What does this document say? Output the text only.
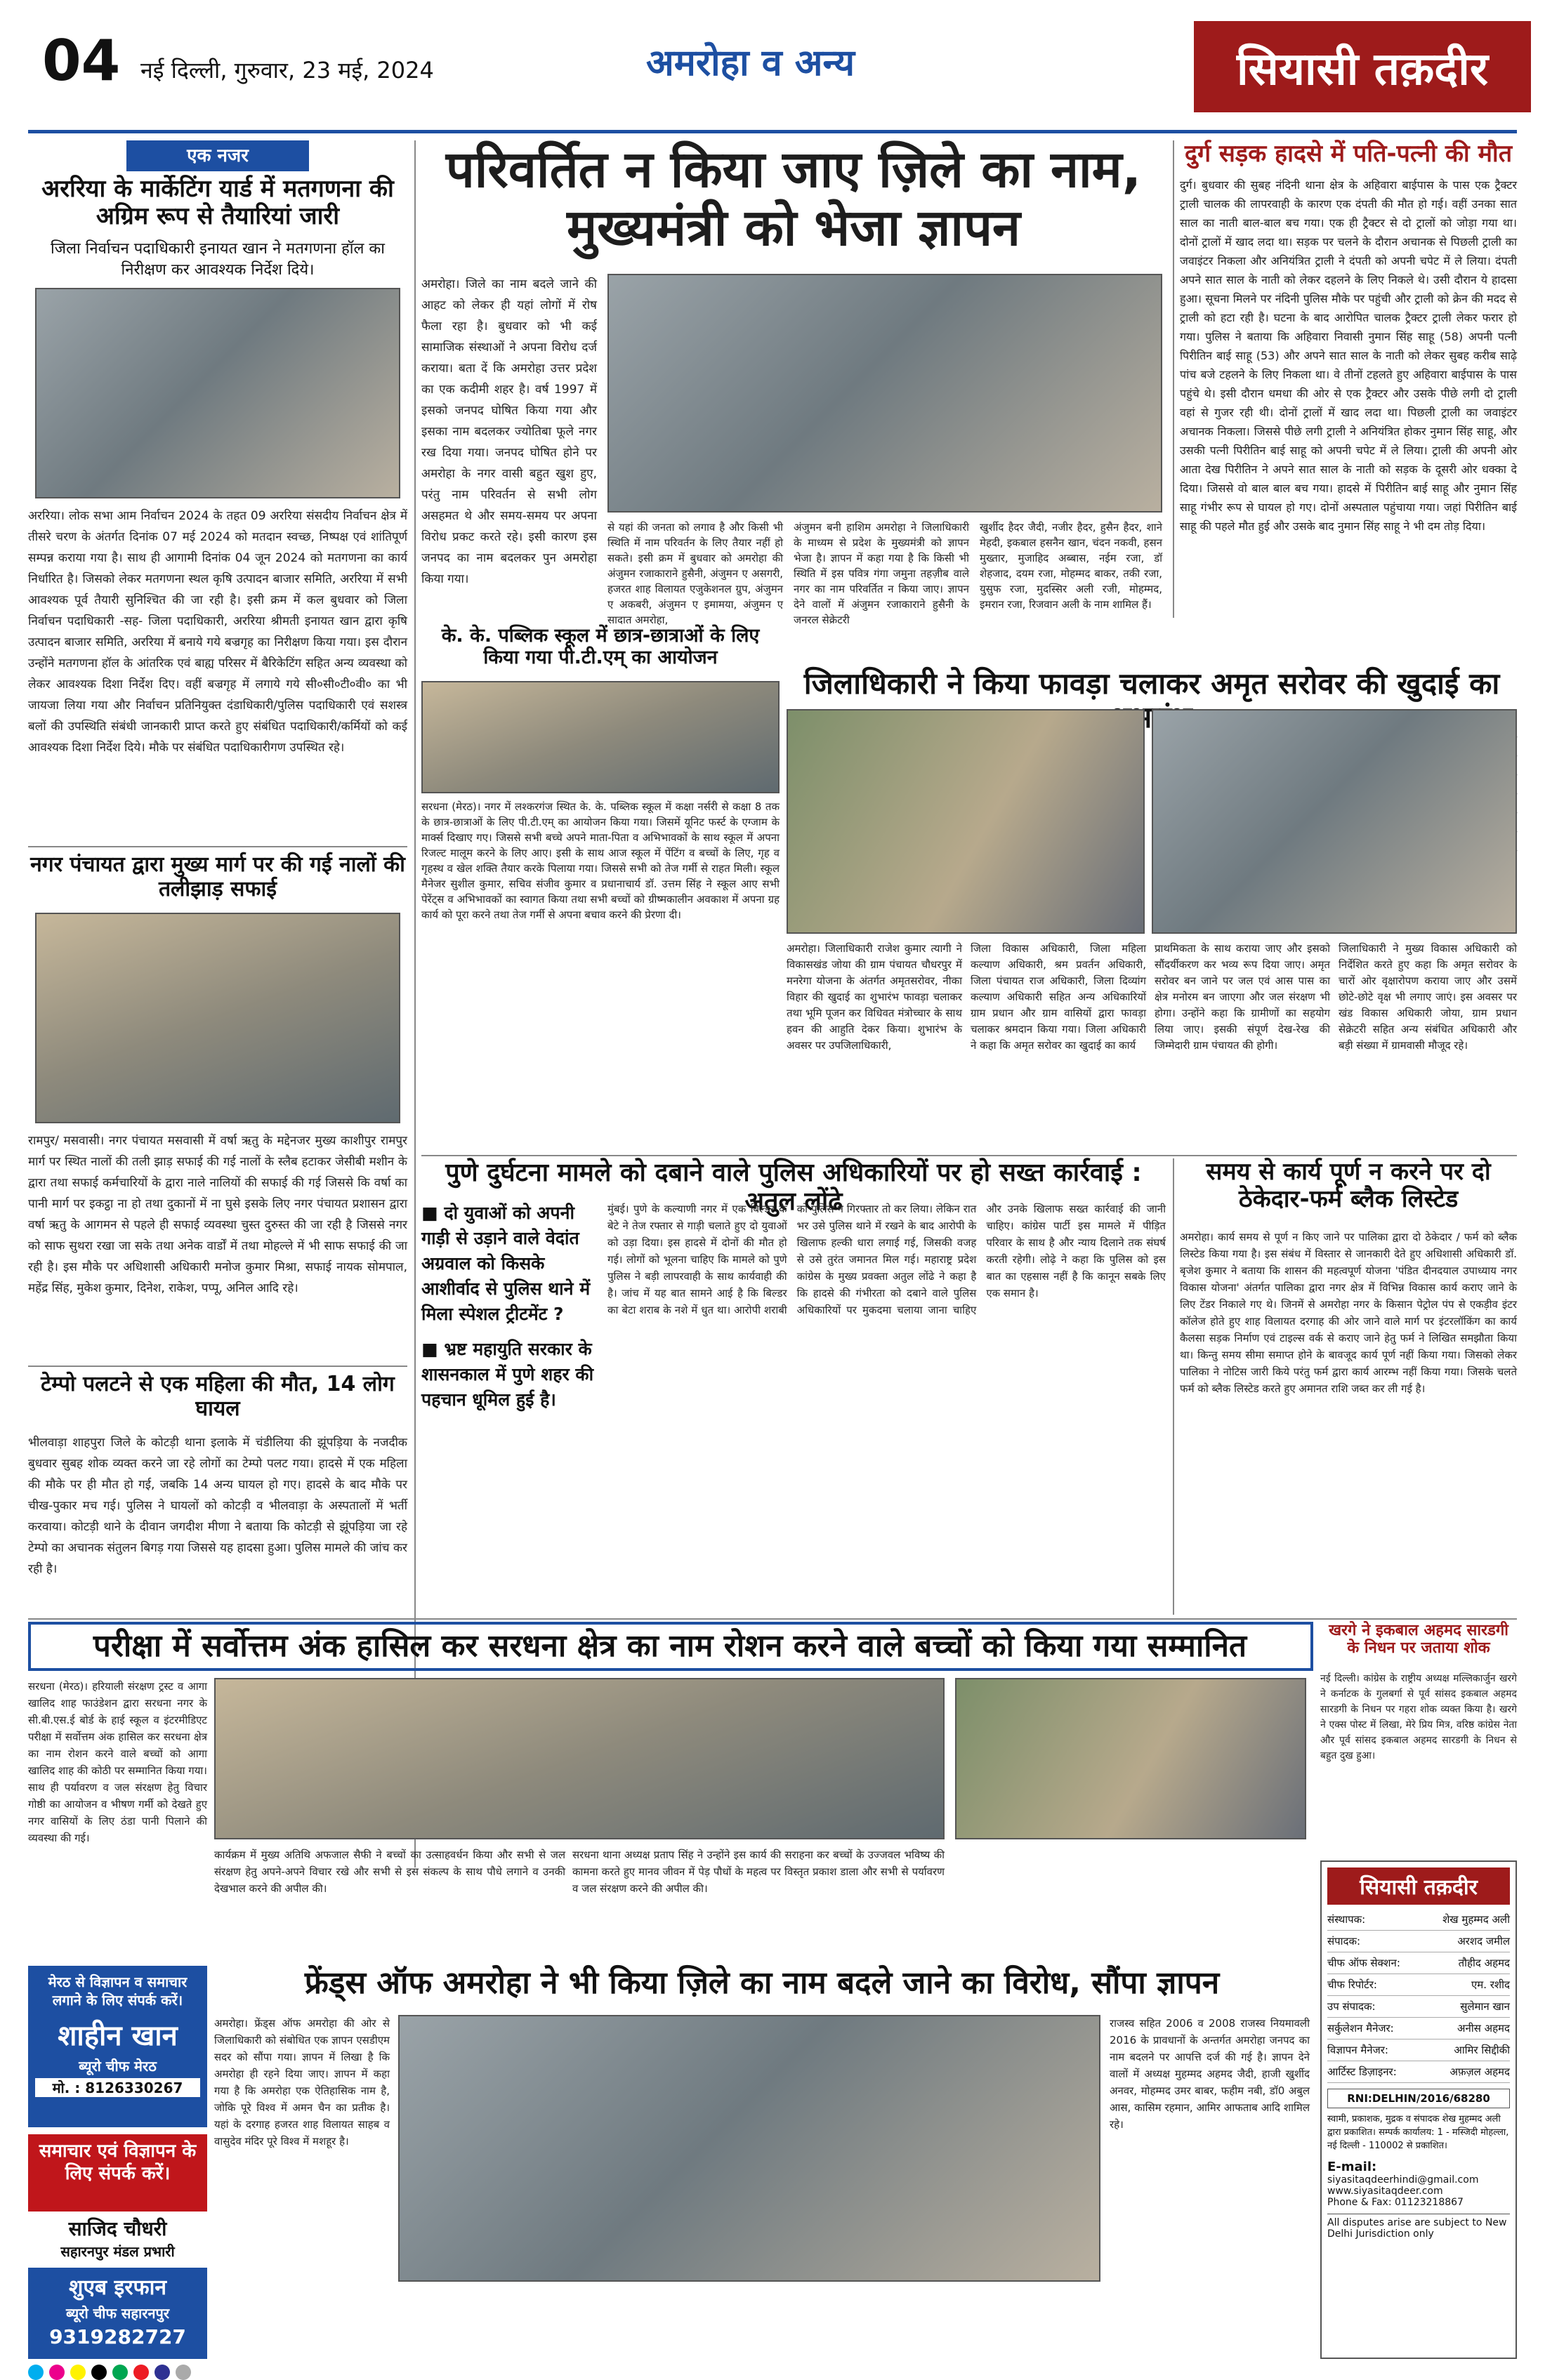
04 नई दिल्ली, गुरुवार, 23 मई, 2024	अमरोहा व अन्य	सियासी तक़दीर
एक नजर
अररिया के मार्केटिंग यार्ड में मतगणना की अग्रिम रूप से तैयारियां जारी
जिला निर्वाचन पदाधिकारी इनायत खान ने मतगणना हॉल का निरीक्षण कर आवश्यक निर्देश दिये।
अररिया। लोक सभा आम निर्वाचन 2024 के तहत 09 अररिया संसदीय निर्वाचन क्षेत्र में तीसरे चरण के अंतर्गत दिनांक 07 मई 2024 को मतदान स्वच्छ, निष्पक्ष एवं शांतिपूर्ण सम्पन्न कराया गया है। साथ ही आगामी दिनांक 04 जून 2024 को मतगणना का कार्य निर्धारित है। जिसको लेकर मतगणना स्थल कृषि उत्पादन बाजार समिति, अररिया में सभी आवश्यक पूर्व तैयारी सुनिश्चित की जा रही है। इसी क्रम में कल बुधवार को जिला निर्वाचन पदाधिकारी -सह- जिला पदाधिकारी, अररिया श्रीमती इनायत खान द्वारा कृषि उत्पादन बाजार समिति, अररिया में बनाये गये बज्रगृह का निरीक्षण किया गया। इस दौरान उन्होंने मतगणना हॉल के आंतरिक एवं बाह्य परिसर में बैरिकेटिंग सहित अन्य व्यवस्था को लेकर आवश्यक दिशा निर्देश दिए। वहीं बज्रगृह में लगाये गये सी०सी०टी०वी० का भी जायजा लिया गया और निर्वाचन प्रतिनियुक्त दंडाधिकारी/पुलिस पदाधिकारी एवं सशस्त्र बलों की उपस्थिति संबंधी जानकारी प्राप्त करते हुए संबंधित पदाधिकारी/कर्मियों को कई आवश्यक दिशा निर्देश दिये। मौके पर संबंधित पदाधिकारीगण उपस्थित रहे।
नगर पंचायत द्वारा मुख्य मार्ग पर की गई नालों की तलीझाड़ सफाई
रामपुर/ मसवासी। नगर पंचायत मसवासी में वर्षा ऋतु के मद्देनजर मुख्य काशीपुर रामपुर मार्ग पर स्थित नालों की तली झाड़ सफाई की गई नालों के स्लैब हटाकर जेसीबी मशीन के द्वारा तथा सफाई कर्मचारियों के द्वारा नाले नालियों की सफाई की गई जिससे कि वर्षा का पानी मार्ग पर इकट्ठा ना हो तथा दुकानों में ना घुसे इसके लिए नगर पंचायत प्रशासन द्वारा वर्षा ऋतु के आगमन से पहले ही सफाई व्यवस्था चुस्त दुरुस्त की जा रही है जिससे नगर को साफ सुथरा रखा जा सके तथा अनेक वार्डों में तथा मोहल्ले में भी साफ सफाई की जा रही है। इस मौके पर अधिशासी अधिकारी मनोज कुमार मिश्रा, सफाई नायक सोमपाल, महेंद्र सिंह, मुकेश कुमार, दिनेश, राकेश, पप्पू, अनिल आदि रहे।
टेम्पो पलटने से एक महिला की मौत, 14 लोग घायल
भीलवाड़ा शाहपुरा जिले के कोटड़ी थाना इलाके में चंडीलिया की झूंपड़िया के नजदीक बुधवार सुबह शोक व्यक्त करने जा रहे लोगों का टेम्पो पलट गया। हादसे में एक महिला की मौके पर ही मौत हो गई, जबकि 14 अन्य घायल हो गए। हादसे के बाद मौके पर चीख-पुकार मच गई। पुलिस ने घायलों को कोटड़ी व भीलवाड़ा के अस्पतालों में भर्ती करवाया। कोटड़ी थाने के दीवान जगदीश मीणा ने बताया कि कोटड़ी से झूंपड़िया जा रहे टेम्पो का अचानक संतुलन बिगड़ गया जिससे यह हादसा हुआ। पुलिस मामले की जांच कर रही है।
परिवर्तित न किया जाए ज़िले का नाम, मुख्यमंत्री को भेजा ज्ञापन
अमरोहा। जिले का नाम बदले जाने की आहट को लेकर ही यहां लोगों में रोष फैला रहा है। बुधवार को भी कई सामाजिक संस्थाओं ने अपना विरोध दर्ज कराया। बता दें कि अमरोहा उत्तर प्रदेश का एक कदीमी शहर है। वर्ष 1997 में इसको जनपद घोषित किया गया और इसका नाम बदलकर ज्योतिबा फूले नगर रख दिया गया। जनपद घोषित होने पर अमरोहा के नगर वासी बहुत खुश हुए, परंतु नाम परिवर्तन से सभी लोग असहमत थे और समय-समय पर अपना विरोध प्रकट करते रहे। इसी कारण इस जनपद का नाम बदलकर पुन अमरोहा किया गया।
से यहां की जनता को लगाव है और किसी भी स्थिति में नाम परिवर्तन के लिए तैयार नहीं हो सकते। इसी क्रम में बुधवार को अमरोहा की अंजुमन रजाकाराने हुसैनी, अंजुमन ए असगरी, हजरत शाह विलायत एजुकेशनल ग्रुप, अंजुमन ए अकबरी, अंजुमन ए इमामया, अंजुमन ए सादात अमरोहा,
अंजुमन बनी हाशिम अमरोहा ने जिलाधिकारी के माध्यम से प्रदेश के मुख्यमंत्री को ज्ञापन भेजा है। ज्ञापन में कहा गया है कि किसी भी स्थिति में इस पवित्र गंगा जमुना तहज़ीब वाले नगर का नाम परिवर्तित न किया जाए। ज्ञापन देने वालों में अंजुमन रजाकाराने हुसैनी के जनरल सेक्रेटरी
खुर्शीद हैदर जैदी, नजीर हैदर, हुसैन हैदर, शाने मेहदी, इकबाल हसनैन खान, चंदन नकवी, हसन मुख्तार, मुजाहिद अब्बास, नईम रजा, डॉ शेहजाद, दयम रजा, मोहम्मद बाकर, तकी रजा, युसुफ रजा, मुदस्सिर अली रजी, मोहम्मद, इमरान रजा, रिजवान अली के नाम शामिल हैं।
दुर्ग सड़क हादसे में पति-पत्नी की मौत
दुर्ग। बुधवार की सुबह नंदिनी थाना क्षेत्र के अहिवारा बाईपास के पास एक ट्रैक्टर ट्राली चालक की लापरवाही के कारण एक दंपती की मौत हो गई। वहीं उनका सात साल का नाती बाल-बाल बच गया। एक ही ट्रैक्टर से दो ट्रालों को जोड़ा गया था। दोनों ट्रालों में खाद लदा था। सड़क पर चलने के दौरान अचानक से पिछली ट्राली का जवाइंटर निकला और अनियंत्रित ट्राली ने दंपती को अपनी चपेट में ले लिया। दंपती अपने सात साल के नाती को लेकर दहलने के लिए निकले थे। उसी दौरान ये हादसा हुआ। सूचना मिलने पर नंदिनी पुलिस मौके पर पहुंची और ट्राली को क्रेन की मदद से ट्राली को हटा रही है। घटना के बाद आरोपित चालक ट्रैक्टर ट्राली लेकर फरार हो गया। पुलिस ने बताया कि अहिवारा निवासी नुमान सिंह साहू (58) अपनी पत्नी पिरीतिन बाई साहू (53) और अपने सात साल के नाती को लेकर सुबह करीब साढ़े पांच बजे टहलने के लिए निकला था। वे तीनों टहलते हुए अहिवारा बाईपास के पास पहुंचे थे। इसी दौरान धमधा की ओर से एक ट्रैक्टर और उसके पीछे लगी दो ट्राली वहां से गुजर रही थी। दोनों ट्रालों में खाद लदा था। पिछली ट्राली का जवाइंटर अचानक निकला। जिससे पीछे लगी ट्राली ने अनियंत्रित होकर नुमान सिंह साहू, और उसकी पत्नी पिरीतिन बाई साहू को अपनी चपेट में ले लिया। ट्राली की अपनी ओर आता देख पिरीतिन ने अपने सात साल के नाती को सड़क के दूसरी ओर धक्का दे दिया। जिससे वो बाल बाल बच गया। हादसे में पिरीतिन बाई साहू और नुमान सिंह साहू गंभीर रूप से घायल हो गए। दोनों अस्पताल पहुंचाया गया। जहां पिरीतिन बाई साहू की पहले मौत हुई और उसके बाद नुमान सिंह साहू ने भी दम तोड़ दिया।
के. के. पब्लिक स्कूल में छात्र-छात्राओं के लिए किया गया पी.टी.एम् का आयोजन
सरधना (मेरठ)। नगर में लश्करगंज स्थित के. के. पब्लिक स्कूल में कक्षा नर्सरी से कक्षा 8 तक के छात्र-छात्राओं के लिए पी.टी.एम् का आयोजन किया गया। जिसमें यूनिट फर्स्ट के एग्जाम के मार्क्स दिखाए गए। जिससे सभी बच्चे अपने माता-पिता व अभिभावकों के साथ स्कूल में अपना रिजल्ट मालूम करने के लिए आए। इसी के साथ आज स्कूल में पेंटिंग व बच्चों के लिए, गृह व गृहस्थ व खेल शक्ति तैयार करके पिलाया गया। जिससे सभी को तेज गर्मी से राहत मिली। स्कूल मैनेजर सुशील कुमार, सचिव संजीव कुमार व प्रधानाचार्य डॉ. उत्तम सिंह ने स्कूल आए सभी पेरेंट्स व अभिभावकों का स्वागत किया तथा सभी बच्चों को ग्रीष्मकालीन अवकाश में अपना ग्रह कार्य को पूरा करने तथा तेज गर्मी से अपना बचाव करने की प्रेरणा दी।
अमरोहा। जिलाधिकारी राजेश कुमार त्यागी ने विकासखंड जोया की ग्राम पंचायत चौधरपुर में मनरेगा योजना के अंतर्गत अमृतसरोवर, नीका विहार की खुदाई का शुभारंभ फावड़ा चलाकर तथा भूमि पूजन कर विधिवत मंत्रोच्चार के साथ हवन की आहुति देकर किया। शुभारंभ के अवसर पर उपजिलाधिकारी,
जिला विकास अधिकारी, जिला महिला कल्याण अधिकारी, श्रम प्रवर्तन अधिकारी, जिला पंचायत राज अधिकारी, जिला दिव्यांग कल्याण अधिकारी सहित अन्य अधिकारियों ग्राम प्रधान और ग्राम वासियों द्वारा फावड़ा चलाकर श्रमदान किया गया। जिला अधिकारी ने कहा कि अमृत सरोवर का खुदाई का कार्य
प्राथमिकता के साथ कराया जाए और इसको सौंदर्यीकरण कर भव्य रूप दिया जाए। अमृत सरोवर बन जाने पर जल एवं आस पास का क्षेत्र मनोरम बन जाएगा और जल संरक्षण भी होगा। उन्होंने कहा कि ग्रामीणों का सहयोग लिया जाए। इसकी संपूर्ण देख-रेख की जिम्मेदारी ग्राम पंचायत की होगी।
जिलाधिकारी ने मुख्य विकास अधिकारी को निर्देशित करते हुए कहा कि अमृत सरोवर के चारों ओर वृक्षारोपण कराया जाए और उसमें छोटे-छोटे वृक्ष भी लगाए जाएं। इस अवसर पर खंड विकास अधिकारी जोया, ग्राम प्रधान सेक्रेटरी सहित अन्य संबंधित अधिकारी और बड़ी संख्या में ग्रामवासी मौजूद रहे।
जिलाधिकारी ने किया फावड़ा चलाकर अमृत सरोवर की खुदाई का
पुणे दुर्घटना मामले को दबाने वाले पुलिस अधिकारियों पर हो सख्त कार्रवाई : अतुल लोंढे
■ दो युवाओं को अपनी गाड़ी से उड़ाने वाले वेदांत अग्रवाल को किसके आशीर्वाद से पुलिस थाने में मिला स्पेशल ट्रीटमेंट ?
■ भ्रष्ट महायुति सरकार के शासनकाल में पुणे शहर की पहचान धूमिल हुई है।
मुंबई। पुणे के कल्याणी नगर में एक बिल्डर के बेटे ने तेज रफ्तार से गाड़ी चलाते हुए दो युवाओं को उड़ा दिया। इस हादसे में दोनों की मौत हो गई। लोगों को भूलना चाहिए कि मामले को पुणे पुलिस ने बड़ी लापरवाही के साथ कार्यवाही की है। जांच में यह बात सामने आई है कि बिल्डर का बेटा शराब के नशे में धुत था। आरोपी शराबी को पुलिस ने गिरफ्तार तो कर लिया। लेकिन रात भर उसे पुलिस थाने में रखने के बाद आरोपी के खिलाफ हल्की धारा लगाई गई, जिसकी वजह से उसे तुरंत जमानत मिल गई। महाराष्ट्र प्रदेश कांग्रेस के मुख्य प्रवक्ता अतुल लोंढे ने कहा है कि हादसे की गंभीरता को दबाने वाले पुलिस अधिकारियों पर मुकदमा चलाया जाना चाहिए और उनके खिलाफ सख्त कार्रवाई की जानी चाहिए। कांग्रेस पार्टी इस मामले में पीड़ित परिवार के साथ है और न्याय दिलाने तक संघर्ष करती रहेगी। लोढ़े ने कहा कि पुलिस को इस बात का एहसास नहीं है कि कानून सबके लिए एक समान है।
समय से कार्य पूर्ण न करने पर दो ठेकेदार-फर्म ब्लैक लिस्टेड
अमरोहा। कार्य समय से पूर्ण न किए जाने पर पालिका द्वारा दो ठेकेदार / फर्म को ब्लैक लिस्टेड किया गया है। इस संबंध में विस्तार से जानकारी देते हुए अधिशासी अधिकारी डॉ. बृजेश कुमार ने बताया कि शासन की महत्वपूर्ण योजना 'पंडित दीनदयाल उपाध्याय नगर विकास योजना' अंतर्गत पालिका द्वारा नगर क्षेत्र में विभिन्न विकास कार्य कराए जाने के लिए टेंडर निकाले गए थे। जिनमें से अमरोहा नगर के किसान पेट्रोल पंप से एकड़ीव इंटर कॉलेज होते हुए शाह विलायत दरगाह की ओर जाने वाले मार्ग पर इंटरलॉकिंग का कार्य कैलसा सड़क निर्माण एवं टाइल्स वर्क से कराए जाने हेतु फर्म ने लिखित समझौता किया था। किन्तु समय सीमा समाप्त होने के बावजूद कार्य पूर्ण नहीं किया गया। जिसको लेकर पालिका ने नोटिस जारी किये परंतु फर्म द्वारा कार्य आरम्भ नहीं किया गया। जिसके चलते फर्म को ब्लैक लिस्टेड करते हुए अमानत राशि जब्त कर ली गई है।
परीक्षा में सर्वोत्तम अंक हासिल कर सरधना क्षेत्र का नाम रोशन करने वाले बच्चों को किया गया सम्मानित
सरधना (मेरठ)। हरियाली संरक्षण ट्रस्ट व आगा खालिद शाह फाउंडेशन द्वारा सरधना नगर के सी.बी.एस.ई बोर्ड के हाई स्कूल व इंटरमीडिएट परीक्षा में सर्वोत्तम अंक हासिल कर सरधना क्षेत्र का नाम रोशन करने वाले बच्चों को आगा खालिद शाह की कोठी पर सम्मानित किया गया। साथ ही पर्यावरण व जल संरक्षण हेतु विचार गोष्ठी का आयोजन व भीषण गर्मी को देखते हुए नगर वासियों के लिए ठंडा पानी पिलाने की व्यवस्था की गई।
कार्यक्रम में मुख्य अतिथि अफजाल सैफी ने बच्चों का उत्साहवर्धन किया और सभी से जल संरक्षण हेतु अपने-अपने विचार रखे और सभी से इस संकल्प के साथ पौधे लगाने व उनकी देखभाल करने की अपील की।
सरधना थाना अध्यक्ष प्रताप सिंह ने उन्होंने इस कार्य की सराहना कर बच्चों के उज्जवल भविष्य की कामना करते हुए मानव जीवन में पेड़ पौधों के महत्व पर विस्तृत प्रकाश डाला और सभी से पर्यावरण व जल संरक्षण करने की अपील की।
खरगे ने इकबाल अहमद सारडगी के निधन पर जताया शोक
नई दिल्ली। कांग्रेस के राष्ट्रीय अध्यक्ष मल्लिकार्जुन खरगे ने कर्नाटक के गुलबर्गा से पूर्व सांसद इकबाल अहमद सारडगी के निधन पर गहरा शोक व्यक्त किया है। खरगे ने एक्स पोस्ट में लिखा, मेरे प्रिय मित्र, वरिष्ठ कांग्रेस नेता और पूर्व सांसद इकबाल अहमद सारडगी के निधन से बहुत दुख हुआ।
मेरठ से विज्ञापन व समाचार लगाने के लिए संपर्क करें।
शाहीन खान
ब्यूरो चीफ मेरठ
मो. : 8126330267
समाचार एवं विज्ञापन के लिए संपर्क करें।
साजिद चौधरी
सहारनपुर मंडल प्रभारी
शुएब इरफान
ब्यूरो चीफ सहारनपुर
9319282727
फ्रेंड्स ऑफ अमरोहा ने भी किया ज़िले का नाम बदले जाने का विरोध, सौंपा ज्ञापन
अमरोहा। फ्रेंड्स ऑफ अमरोहा की ओर से जिलाधिकारी को संबोधित एक ज्ञापन एसडीएम सदर को सौंपा गया। ज्ञापन में लिखा है कि अमरोहा ही रहने दिया जाए। ज्ञापन में कहा गया है कि अमरोहा एक ऐतिहासिक नाम है, जोकि पूरे विश्व में अमन चैन का प्रतीक है। यहां के दरगाह हजरत शाह विलायत साहब व वासुदेव मंदिर पूरे विश्व में मशहूर है।
राजस्व सहित 2006 व 2008 राजस्व नियमावली 2016 के प्रावधानों के अन्तर्गत अमरोहा जनपद का नाम बदलने पर आपत्ति दर्ज की गई है। ज्ञापन देने वालों में अध्यक्ष मुहम्मद अहमद जैदी, हाजी खुर्शीद अनवर, मोहम्मद उमर बाबर, फहीम नबी, डॉ0 अबुल आस, कासिम रहमान, आमिर आफताब आदि शामिल रहे।
सियासी तक़दीर
संस्थापक:	शेख मुहम्मद अली
संपादक:	अरशद जमील
चीफ ऑफ सेक्शन:	तौहीद अहमद
चीफ रिपोर्टर:	एम. रशीद
उप संपादक:	सुलेमान खान
सर्कुलेशन मैनेजर:	अनीस अहमद
विज्ञापन मैनेजर:	आमिर सिद्दीकी
आर्टिस्ट डिज़ाइनर:	अफ़ज़ल अहमद
RNI:DELHIN/2016/68280
स्वामी, प्रकाशक, मुद्रक व संपादक शेख मुहम्मद अली द्वारा प्रकाशित। सम्पर्क कार्यालय: 1 - मस्जिदी मोहल्ला, नई दिल्ली - 110002 से प्रकाशित।
E-mail:
siyasitaqdeerhindi@gmail.com
www.siyasitaqdeer.com
Phone & Fax: 01123218867
All disputes arise are subject to New Delhi Jurisdiction only
